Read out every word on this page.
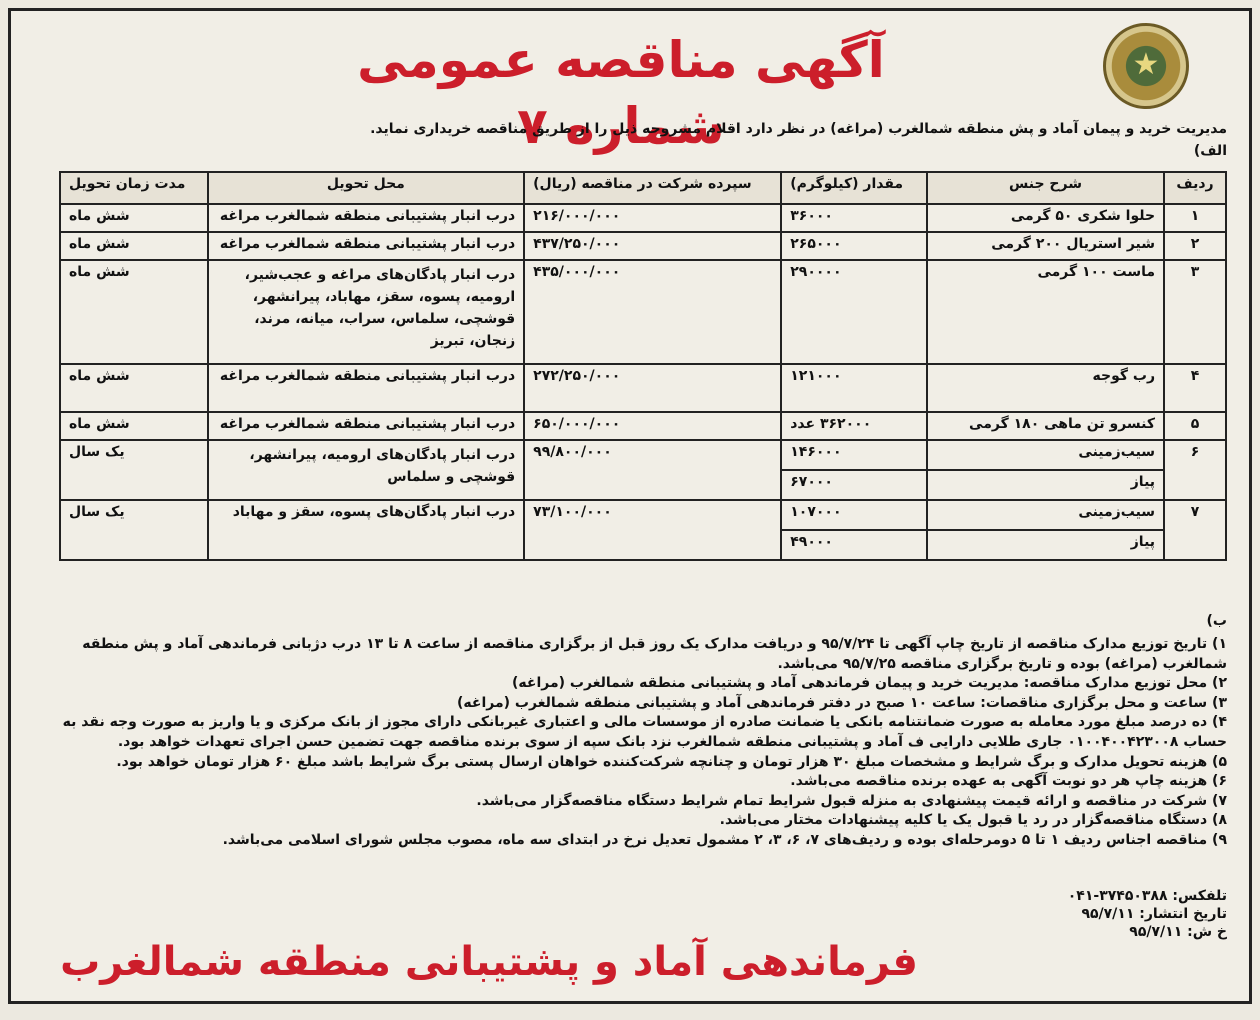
★
آگهی مناقصه عمومی شماره ۷
مدیریت خرید و پیمان آماد و پش منطقه شمالغرب (مراغه) در نظر دارد اقلام مشروحه ذیل را از طریق مناقصه خریداری نماید.
الف)
ردیف	شرح جنس	مقدار (کیلوگرم)	سپرده شرکت در مناقصه (ریال)	محل تحویل	مدت زمان تحویل
۱	حلوا شکری ۵۰ گرمی	۳۶۰۰۰	۲۱۶/۰۰۰/۰۰۰	درب انبار پشتیبانی منطقه شمالغرب مراغه	شش ماه
۲	شیر استریال ۲۰۰ گرمی	۲۶۵۰۰۰	۴۳۷/۲۵۰/۰۰۰	درب انبار پشتیبانی منطقه شمالغرب مراغه	شش ماه
۳	ماست ۱۰۰ گرمی	۲۹۰۰۰۰	۴۳۵/۰۰۰/۰۰۰	درب انبار پادگان‌های مراغه و عجب‌شیر، ارومیه، پسوه، سقز، مهاباد، پیرانشهر، قوشچی، سلماس، سراب، میانه، مرند، زنجان، تبریز	شش ماه
۴	رب گوجه	۱۲۱۰۰۰	۲۷۲/۲۵۰/۰۰۰	درب انبار پشتیبانی منطقه شمالغرب مراغه	شش ماه
۵	کنسرو تن ماهی ۱۸۰ گرمی	۳۶۲۰۰۰ عدد	۶۵۰/۰۰۰/۰۰۰	درب انبار پشتیبانی منطقه شمالغرب مراغه	شش ماه
۶	سیب‌زمینی	۱۴۶۰۰۰	۹۹/۸۰۰/۰۰۰	درب انبار پادگان‌های ارومیه، پیرانشهر، قوشچی و سلماس	یک سال
	پیاز	۶۷۰۰۰			
۷	سیب‌زمینی	۱۰۷۰۰۰	۷۳/۱۰۰/۰۰۰	درب انبار پادگان‌های پسوه، سقز و مهاباد	یک سال
	پیاز	۴۹۰۰۰			
ب)

۱) تاریخ توزیع مدارک مناقصه از تاریخ چاپ آگهی تا ۹۵/۷/۲۴ و دریافت مدارک یک روز قبل از برگزاری مناقصه از ساعت ۸ تا ۱۳ درب دژبانی فرماندهی آماد و پش منطقه شمالغرب (مراغه) بوده و تاریخ برگزاری مناقصه ۹۵/۷/۲۵ می‌باشد.

۲) محل توزیع مدارک مناقصه: مدیریت خرید و پیمان فرماندهی آماد و پشتیبانی منطقه شمالغرب (مراغه)

۳) ساعت و محل برگزاری مناقصات: ساعت ۱۰ صبح در دفتر فرماندهی آماد و پشتیبانی منطقه شمالغرب (مراغه)

۴) ده درصد مبلغ مورد معامله به صورت ضمانتنامه بانکی یا ضمانت صادره از موسسات مالی و اعتباری غیربانکی دارای مجوز از بانک مرکزی و یا واریز به صورت وجه نقد به حساب ۰۱۰۰۴۰۰۴۲۳۰۰۸ جاری طلایی دارایی ف آماد و پشتیبانی منطقه شمالغرب نزد بانک سپه از سوی برنده مناقصه جهت تضمین حسن اجرای تعهدات خواهد بود.

۵) هزینه تحویل مدارک و برگ شرایط و مشخصات مبلغ ۳۰ هزار تومان و چنانچه شرکت‌کننده خواهان ارسال پستی برگ شرایط باشد مبلغ ۶۰ هزار تومان خواهد بود.

۶) هزینه چاپ هر دو نوبت آگهی به عهده برنده مناقصه می‌باشد.

۷) شرکت در مناقصه و ارائه قیمت پیشنهادی به منزله قبول شرایط تمام شرایط دستگاه مناقصه‌گزار می‌باشد.

۸) دستگاه مناقصه‌گزار در رد یا قبول یک یا کلیه پیشنهادات مختار می‌باشد.

۹) مناقصه اجناس ردیف ۱ تا ۵ دومرحله‌ای بوده و ردیف‌های ۷، ۶، ۳، ۲ مشمول تعدیل نرخ در ابتدای سه ماه، مصوب مجلس شورای اسلامی می‌باشد.

تلفکس: ۳۷۴۵۰۳۸۸-۰۴۱

تاریخ انتشار: ۹۵/۷/۱۱

خ ش: ۹۵/۷/۱۱

فرماندهی آماد و پشتیبانی منطقه شمالغرب
